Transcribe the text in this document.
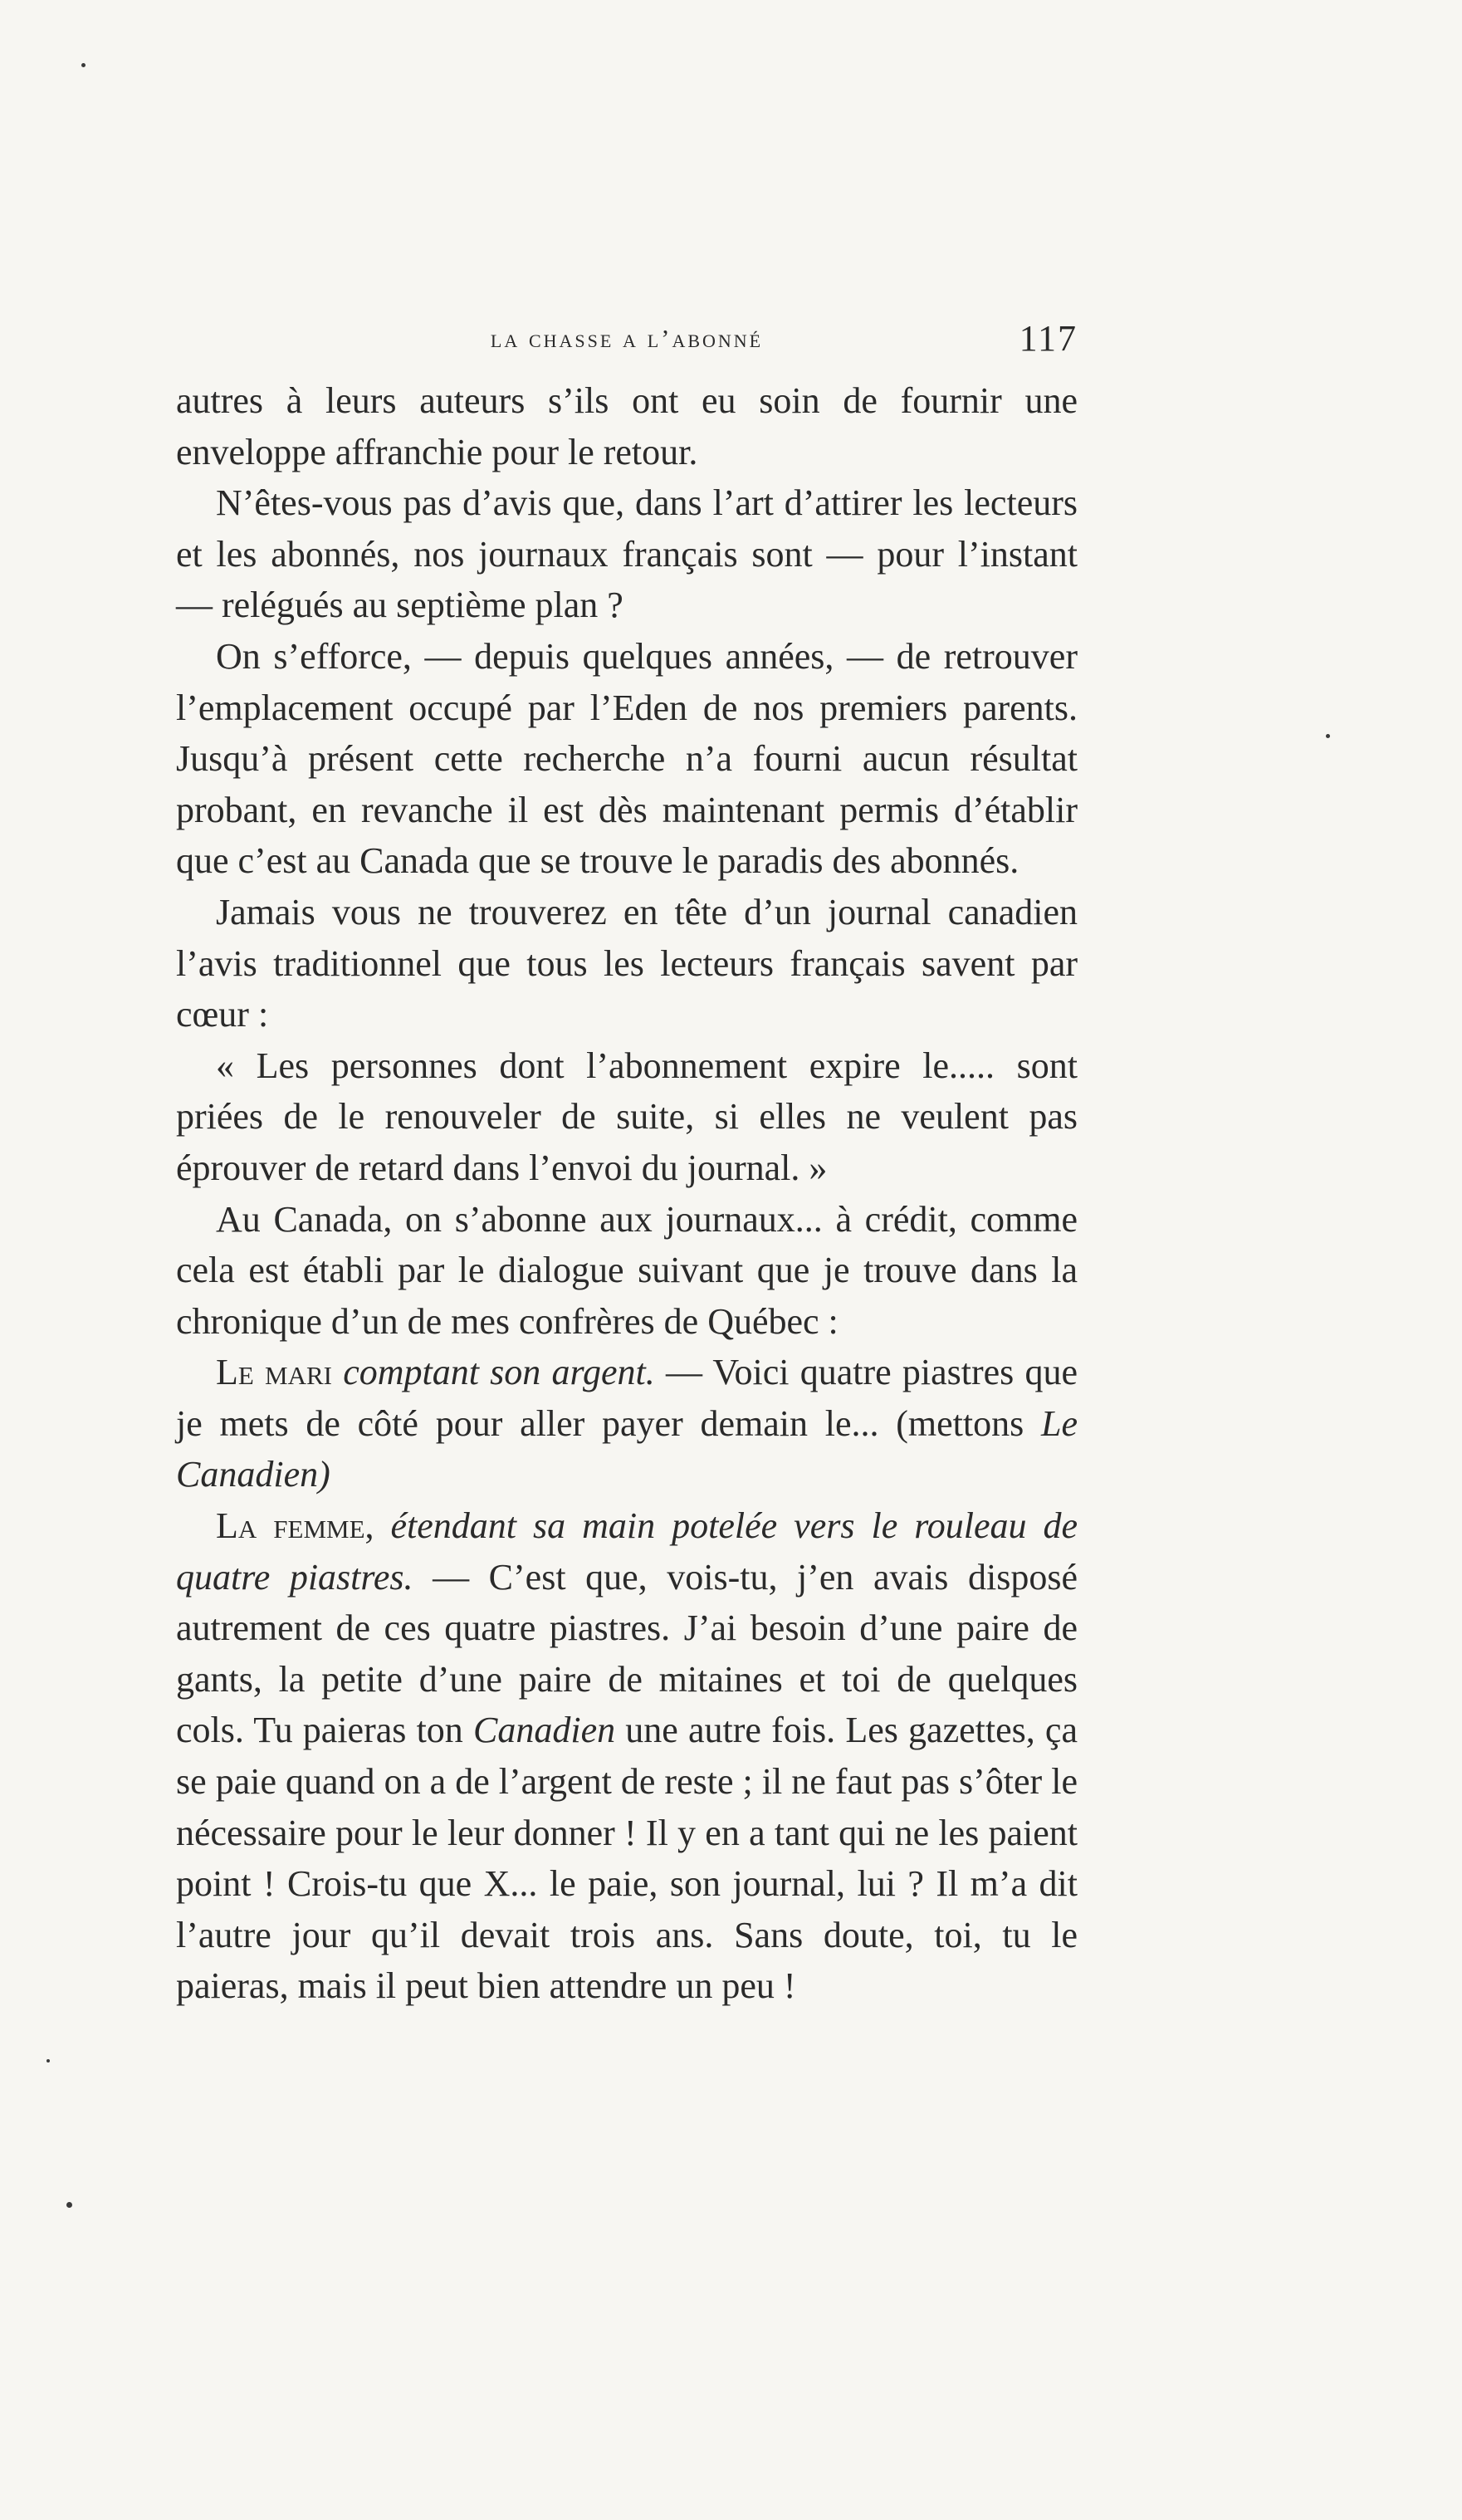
la chasse a l’abonné	117

autres à leurs auteurs s’ils ont eu soin de fournir une enveloppe affranchie pour le retour.

N’êtes-vous pas d’avis que, dans l’art d’attirer les lecteurs et les abonnés, nos journaux français sont — pour l’instant — relégués au septième plan ?

On s’efforce, — depuis quelques années, — de retrouver l’emplacement occupé par l’Eden de nos premiers parents. Jusqu’à présent cette recherche n’a fourni aucun résultat probant, en revanche il est dès maintenant permis d’établir que c’est au Canada que se trouve le paradis des abonnés.

Jamais vous ne trouverez en tête d’un journal canadien l’avis traditionnel que tous les lecteurs français savent par cœur :

« Les personnes dont l’abonnement expire le..... sont priées de le renouveler de suite, si elles ne veulent pas éprouver de retard dans l’envoi du journal. »

Au Canada, on s’abonne aux journaux... à crédit, comme cela est établi par le dialogue suivant que je trouve dans la chronique d’un de mes confrères de Québec :

Le mari comptant son argent. — Voici quatre piastres que je mets de côté pour aller payer demain le... (mettons Le Canadien)

La femme, étendant sa main potelée vers le rouleau de quatre piastres. — C’est que, vois-tu, j’en avais disposé autrement de ces quatre piastres. J’ai besoin d’une paire de gants, la petite d’une paire de mitaines et toi de quelques cols. Tu paieras ton Canadien une autre fois. Les gazettes, ça se paie quand on a de l’argent de reste ; il ne faut pas s’ôter le nécessaire pour le leur donner ! Il y en a tant qui ne les paient point ! Crois-tu que X... le paie, son journal, lui ? Il m’a dit l’autre jour qu’il devait trois ans. Sans doute, toi, tu le paieras, mais il peut bien attendre un peu !
